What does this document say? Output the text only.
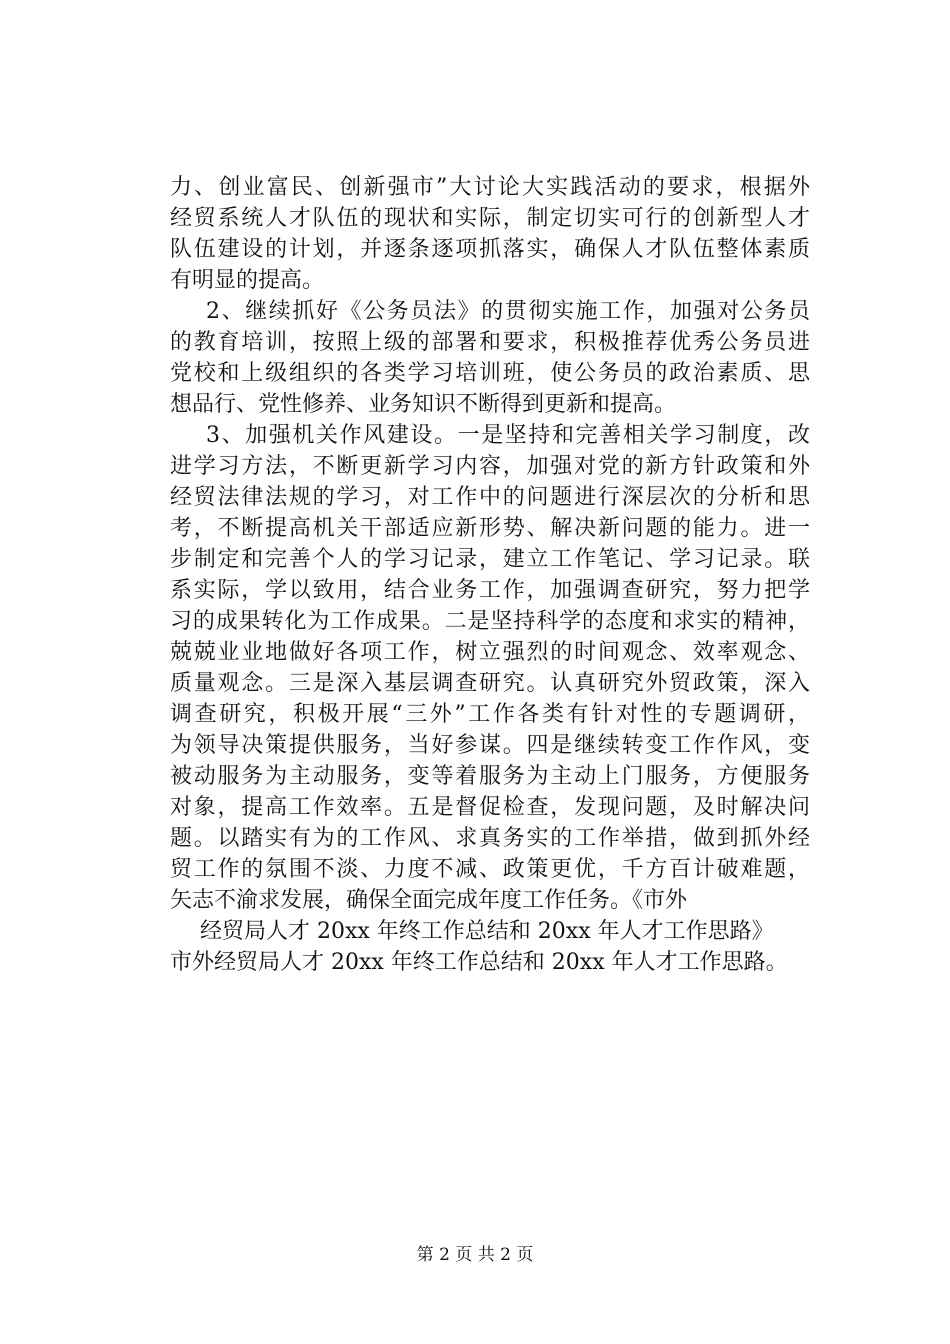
力、创业富民、创新强市”大讨论大实践活动的要求，根据外
经贸系统人才队伍的现状和实际，制定切实可行的创新型人才
队伍建设的计划，并逐条逐项抓落实，确保人才队伍整体素质
有明显的提高。
2、继续抓好《公务员法》的贯彻实施工作，加强对公务员
的教育培训，按照上级的部署和要求，积极推荐优秀公务员进
党校和上级组织的各类学习培训班，使公务员的政治素质、思
想品行、党性修养、业务知识不断得到更新和提高。
3、加强机关作风建设。一是坚持和完善相关学习制度，改
进学习方法，不断更新学习内容，加强对党的新方针政策和外
经贸法律法规的学习，对工作中的问题进行深层次的分析和思
考，不断提高机关干部适应新形势、解决新问题的能力。进一
步制定和完善个人的学习记录，建立工作笔记、学习记录。联
系实际，学以致用，结合业务工作，加强调查研究，努力把学
习的成果转化为工作成果。二是坚持科学的态度和求实的精神，
兢兢业业地做好各项工作，树立强烈的时间观念、效率观念、
质量观念。三是深入基层调查研究。认真研究外贸政策，深入
调查研究，积极开展“三外”工作各类有针对性的专题调研，
为领导决策提供服务，当好参谋。四是继续转变工作作风，变
被动服务为主动服务，变等着服务为主动上门服务，方便服务
对象，提高工作效率。五是督促检查，发现问题，及时解决问
题。以踏实有为的工作风、求真务实的工作举措，做到抓外经
贸工作的氛围不淡、力度不减、政策更优，千方百计破难题，
矢志不渝求发展，确保全面完成年度工作任务。《市外
经贸局人才 20xx 年终工作总结和 20xx 年人才工作思路》
市外经贸局人才 20xx 年终工作总结和 20xx 年人才工作思路。
第 2 页 共 2 页
